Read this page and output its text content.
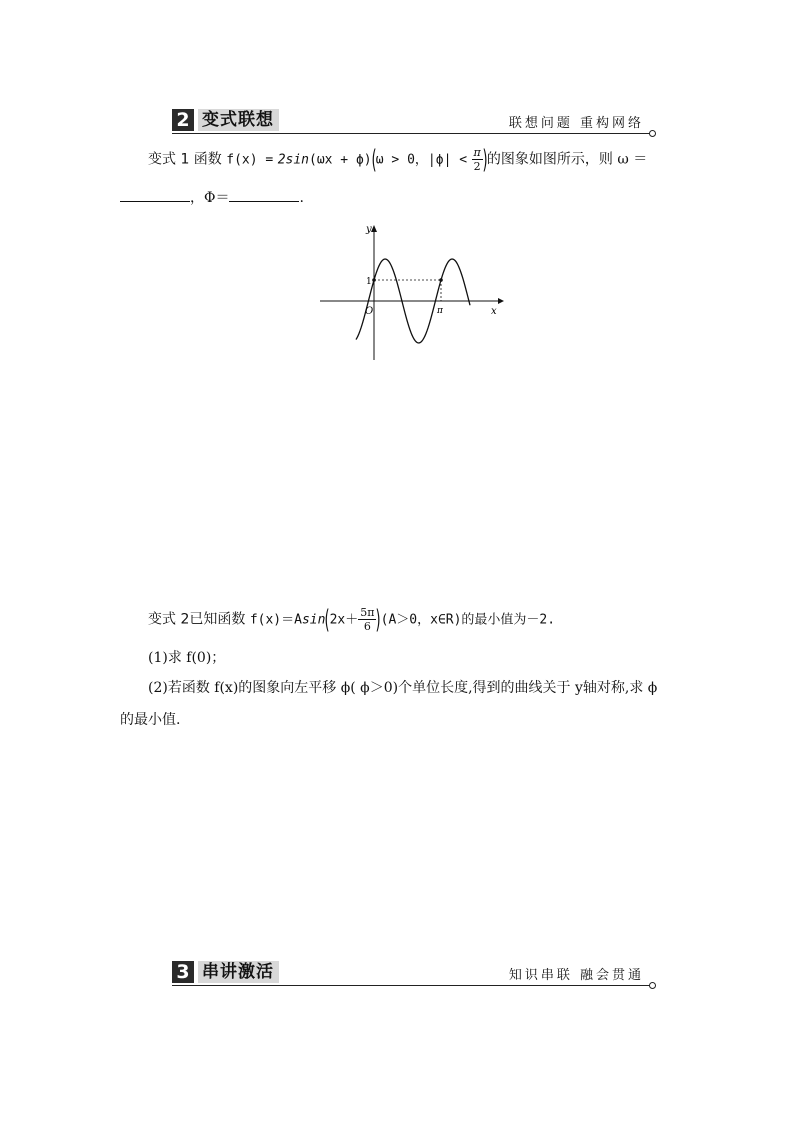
2 变式联想	联想问题 重构网络
变式 1 函数 f(x) = 2sin(ωx + ϕ)(ω > 0，$|\phi| < \frac{\pi}{2}$ )的图象如图所示，则 ω ＝
，Φ＝	.
y
x
1
O	π
变式 2已知函数 $f(x)=Asin(2x+ \frac{5\pi}{6} )(A>0$，x∈R)的最小值为－2.
(1)求 f(0)；
(2)若函数 f(x)的图象向左平移 ϕ( ϕ＞0)个单位长度,得到的曲线关于 y轴对称,求 ϕ
的最小值.
3 串讲激活	知识串联 融会贯通
